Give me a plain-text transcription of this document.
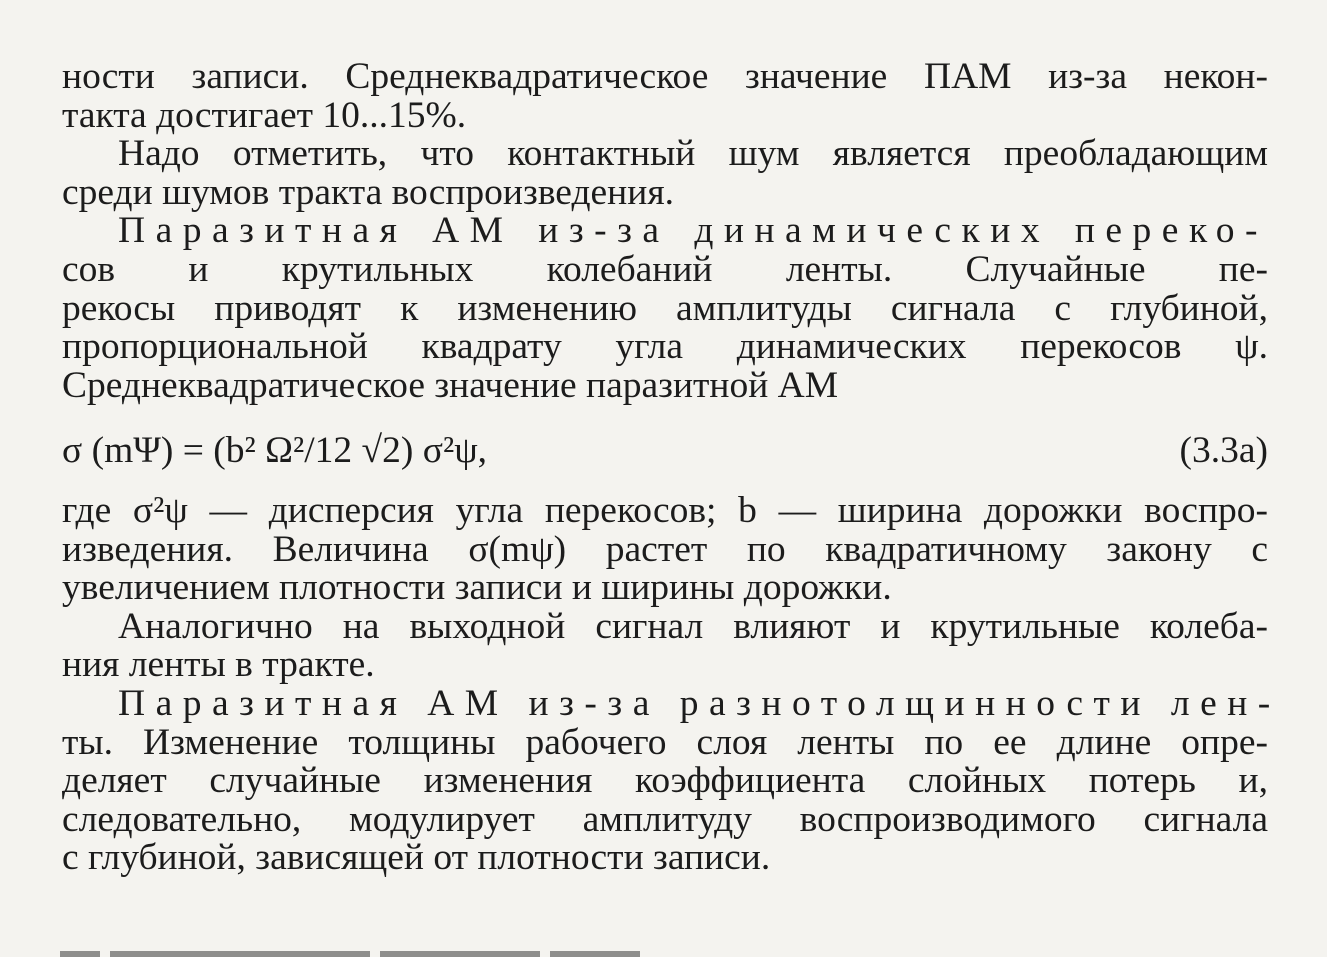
ности записи. Среднеквадратическое значение ПАМ из-за некон-
такта достигает 10...15%.
Надо отметить, что контактный шум является преобладающим
среди шумов тракта воспроизведения.
Паразитная АМ из-за динамических переко-
сов и крутильных колебаний ленты. Случайные пе-
рекосы приводят к изменению амплитуды сигнала с глубиной,
пропорциональной квадрату угла динамических перекосов ψ.
Среднеквадратическое значение паразитной АМ
σ (mΨ) = (b² Ω²/12 √2) σ²ψ,	(3.3a)
где σ²ψ — дисперсия угла перекосов; b — ширина дорожки воспро-
изведения. Величина σ(mψ) растет по квадратичному закону с
увеличением плотности записи и ширины дорожки.
Аналогично на выходной сигнал влияют и крутильные колеба-
ния ленты в тракте.
Паразитная АМ из-за разнотолщинности лен-
ты. Изменение толщины рабочего слоя ленты по ее длине опре-
деляет случайные изменения коэффициента слойных потерь и,
следовательно, модулирует амплитуду воспроизводимого сигнала
с глубиной, зависящей от плотности записи.
